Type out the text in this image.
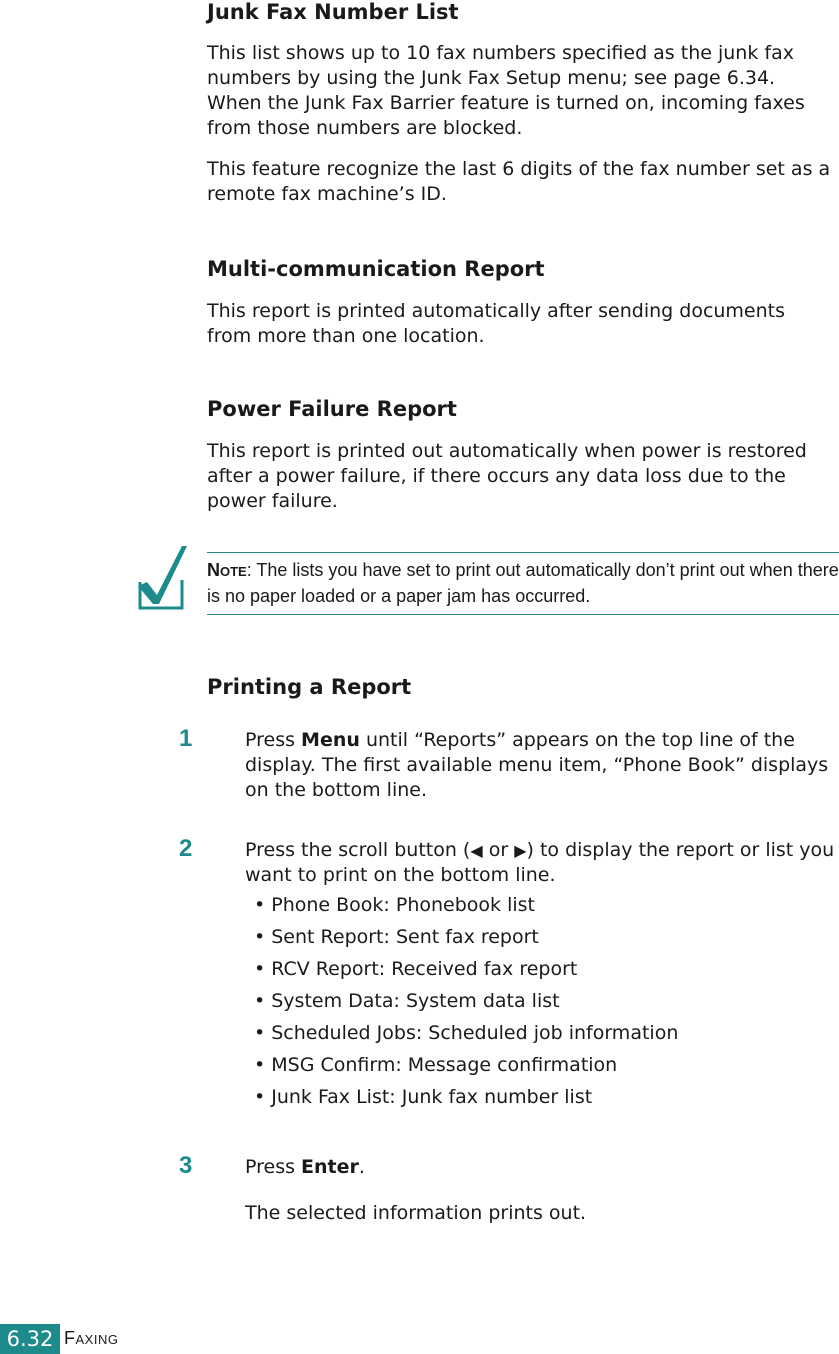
Junk Fax Number List

This list shows up to 10 fax numbers specified as the junk fax numbers by using the Junk Fax Setup menu; see page 6.34. When the Junk Fax Barrier feature is turned on, incoming faxes from those numbers are blocked.

This feature recognize the last 6 digits of the fax number set as a remote fax machine’s ID.

Multi-communication Report

This report is printed automatically after sending documents from more than one location.

Power Failure Report

This report is printed out automatically when power is restored after a power failure, if there occurs any data loss due to the power failure.

NOTE: The lists you have set to print out automatically don’t print out when there is no paper loaded or a paper jam has occurred.

Printing a Report
1	Press Menu until “Reports” appears on the top line of the display. The first available menu item, “Phone Book” displays on the bottom line.

2	Press the scroll button (◀ or ▶) to display the report or list you want to print on the bottom line.

• Phone Book: Phonebook list
• Sent Report: Sent fax report
• RCV Report: Received fax report
• System Data: System data list
• Scheduled Jobs: Scheduled job information
• MSG Confirm: Message confirmation
• Junk Fax List: Junk fax number list
3	Press Enter.

The selected information prints out.

6.32 FAXING
